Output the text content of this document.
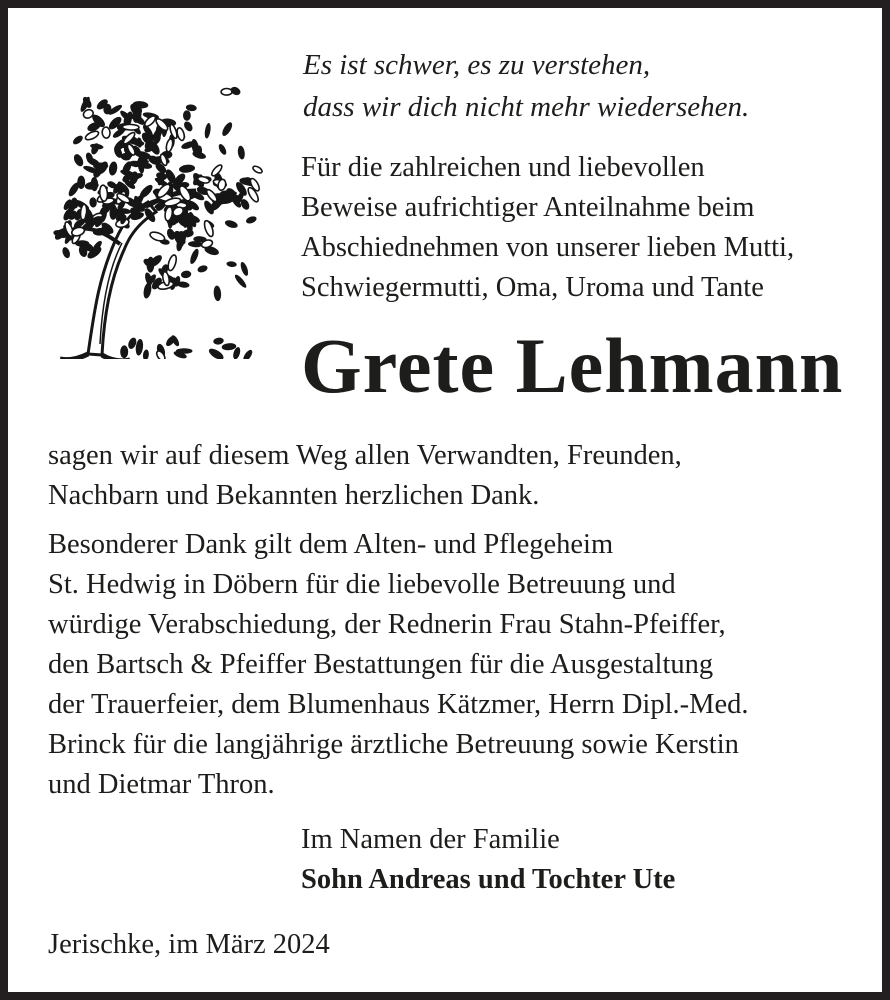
Es ist schwer, es zu verstehen,
dass wir dich nicht mehr wiedersehen.
Für die zahlreichen und liebevollen
Beweise aufrichtiger Anteilnahme beim
Abschiednehmen von unserer lieben Mutti,
Schwiegermutti, Oma, Uroma und Tante
Grete Lehmann
sagen wir auf diesem Weg allen Verwandten, Freunden,
Nachbarn und Bekannten herzlichen Dank.
Besonderer Dank gilt dem Alten- und Pflegeheim
St. Hedwig in Döbern für die liebevolle Betreuung und
würdige Verabschiedung, der Rednerin Frau Stahn-Pfeiffer,
den Bartsch & Pfeiffer Bestattungen für die Ausgestaltung
der Trauerfeier, dem Blumenhaus Kätzmer, Herrn Dipl.-Med.
Brinck für die langjährige ärztliche Betreuung sowie Kerstin
und Dietmar Thron.
Im Namen der Familie
Sohn Andreas und Tochter Ute
Jerischke, im März 2024
